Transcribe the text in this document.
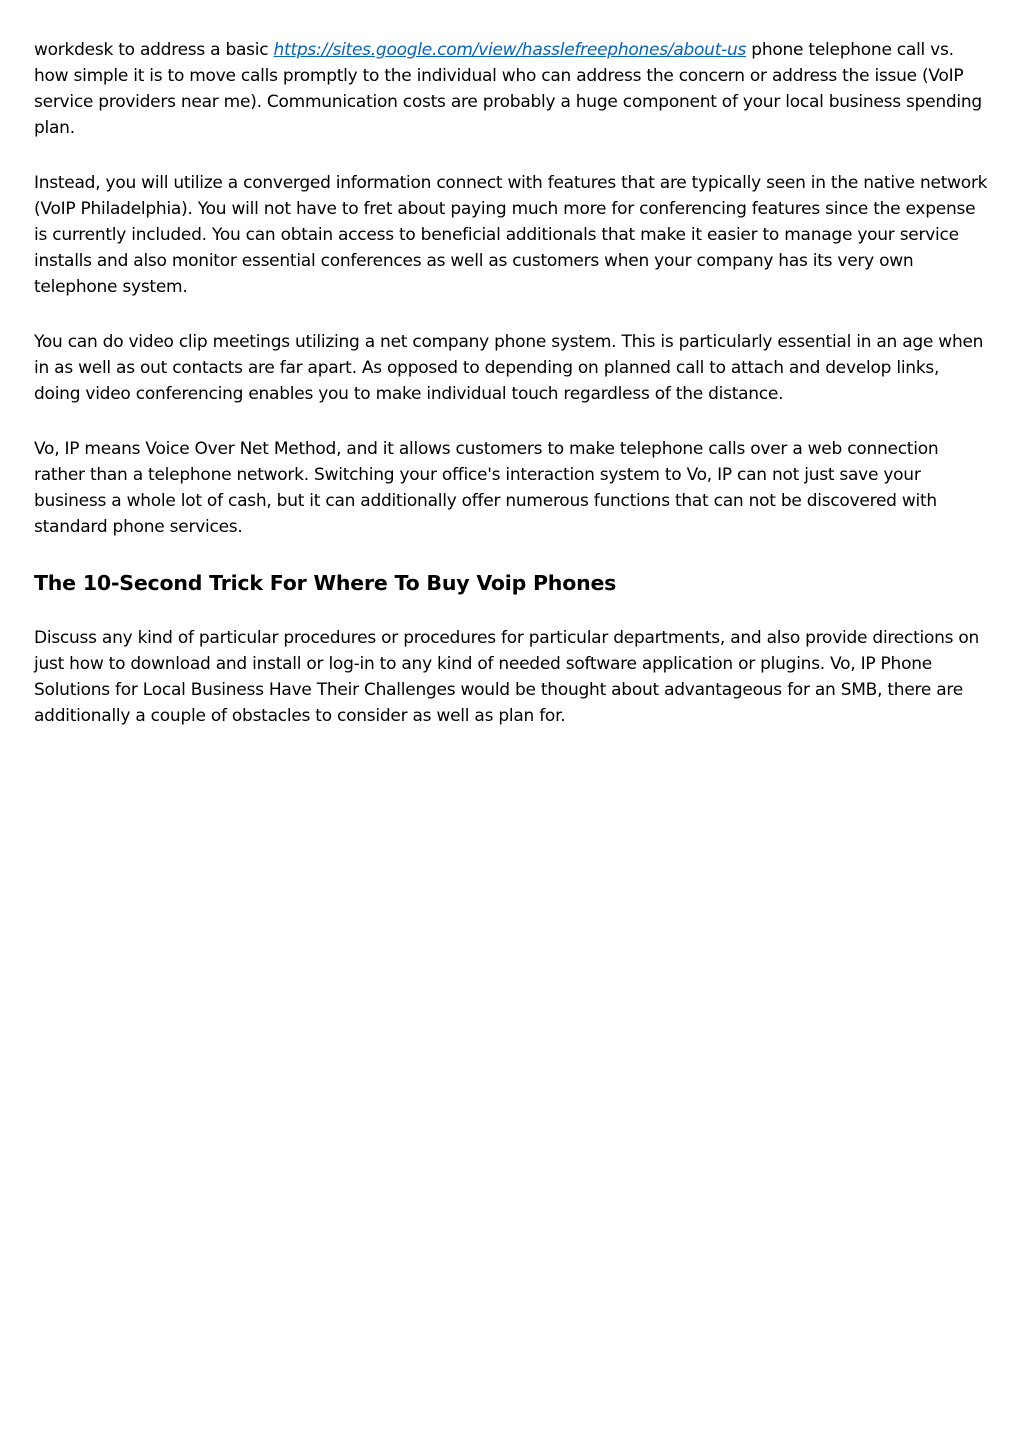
workdesk to address a basic https://sites.google.com/view/hasslefreephones/about-us phone telephone call vs. how simple it is to move calls promptly to the individual who can address the concern or address the issue (VoIP service providers near me). Communication costs are probably a huge component of your local business spending plan.

Instead, you will utilize a converged information connect with features that are typically seen in the native network (VoIP Philadelphia). You will not have to fret about paying much more for conferencing features since the expense is currently included. You can obtain access to beneficial additionals that make it easier to manage your service installs and also monitor essential conferences as well as customers when your company has its very own telephone system.

You can do video clip meetings utilizing a net company phone system. This is particularly essential in an age when in as well as out contacts are far apart. As opposed to depending on planned call to attach and develop links, doing video conferencing enables you to make individual touch regardless of the distance.

Vo, IP means Voice Over Net Method, and it allows customers to make telephone calls over a web connection rather than a telephone network. Switching your office's interaction system to Vo, IP can not just save your business a whole lot of cash, but it can additionally offer numerous functions that can not be discovered with standard phone services.

The 10-Second Trick For Where To Buy Voip Phones

Discuss any kind of particular procedures or procedures for particular departments, and also provide directions on just how to download and install or log-in to any kind of needed software application or plugins. Vo, IP Phone Solutions for Local Business Have Their Challenges would be thought about advantageous for an SMB, there are additionally a couple of obstacles to consider as well as plan for.
